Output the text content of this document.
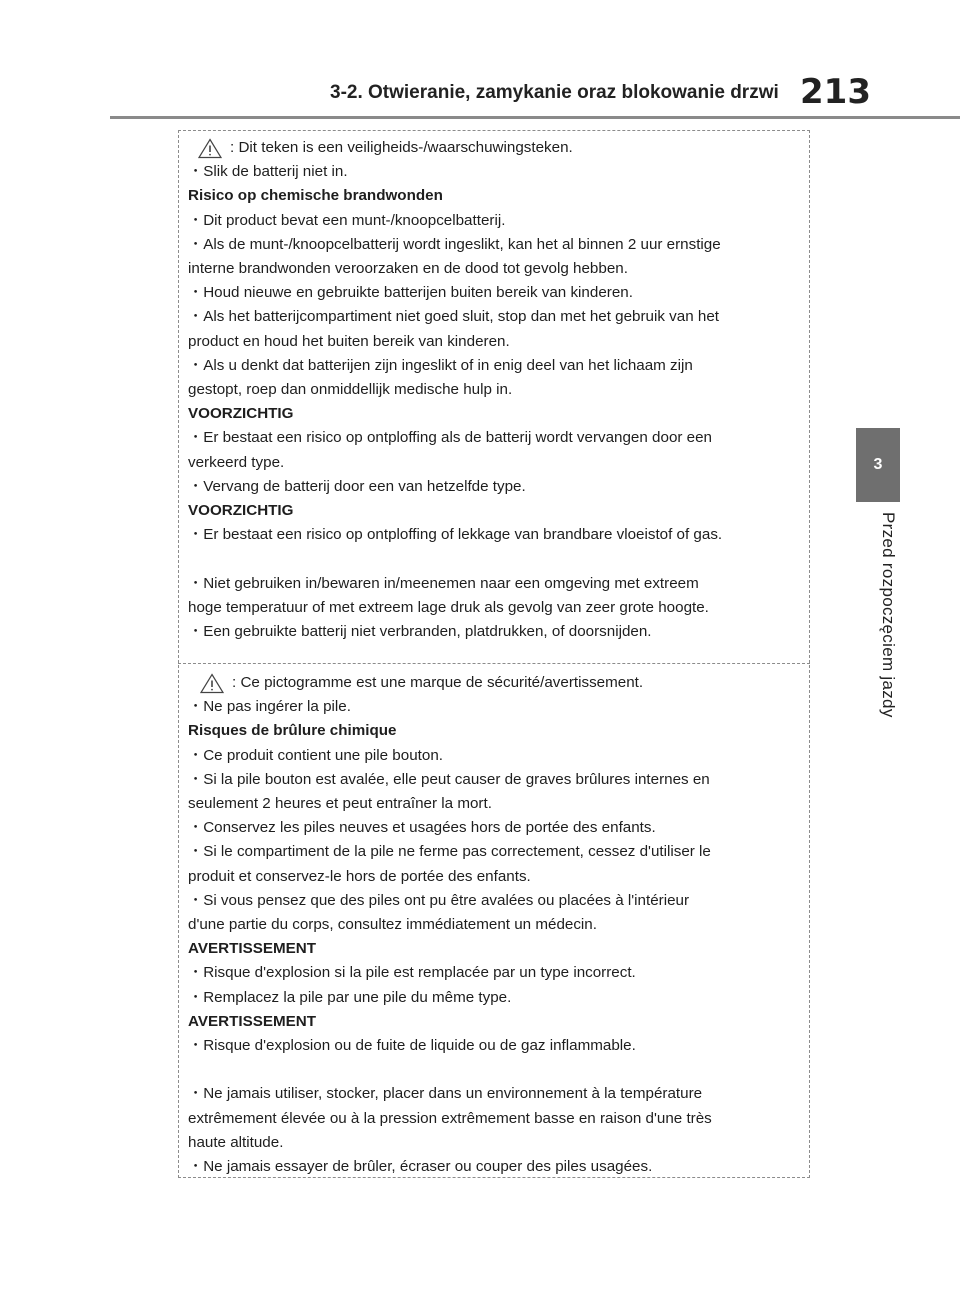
3-2. Otwieranie, zamykanie oraz blokowanie drzwi 213
3
Przed rozpoczęciem jazdy
: Dit teken is een veiligheids-/waarschuwingsteken.
・Slik de batterij niet in.
Risico op chemische brandwonden
・Dit product bevat een munt-/knoopcelbatterij.
・Als de munt-/knoopcelbatterij wordt ingeslikt, kan het al binnen 2 uur ernstige
interne brandwonden veroorzaken en de dood tot gevolg hebben.
・Houd nieuwe en gebruikte batterijen buiten bereik van kinderen.
・Als het batterijcompartiment niet goed sluit, stop dan met het gebruik van het
product en houd het buiten bereik van kinderen.
・Als u denkt dat batterijen zijn ingeslikt of in enig deel van het lichaam zijn
gestopt, roep dan onmiddellijk medische hulp in.
VOORZICHTIG
・Er bestaat een risico op ontploffing als de batterij wordt vervangen door een
verkeerd type.
・Vervang de batterij door een van hetzelfde type.
VOORZICHTIG
・Er bestaat een risico op ontploffing of lekkage van brandbare vloeistof of gas.
・Niet gebruiken in/bewaren in/meenemen naar een omgeving met extreem
hoge temperatuur of met extreem lage druk als gevolg van zeer grote hoogte.
・Een gebruikte batterij niet verbranden, platdrukken, of doorsnijden.
: Ce pictogramme est une marque de sécurité/avertissement.
・Ne pas ingérer la pile.
Risques de brûlure chimique
・Ce produit contient une pile bouton.
・Si la pile bouton est avalée, elle peut causer de graves brûlures internes en
seulement 2 heures et peut entraîner la mort.
・Conservez les piles neuves et usagées hors de portée des enfants.
・Si le compartiment de la pile ne ferme pas correctement, cessez d'utiliser le
produit et conservez-le hors de portée des enfants.
・Si vous pensez que des piles ont pu être avalées ou placées à l'intérieur
d'une partie du corps, consultez immédiatement un médecin.
AVERTISSEMENT
・Risque d'explosion si la pile est remplacée par un type incorrect.
・Remplacez la pile par une pile du même type.
AVERTISSEMENT
・Risque d'explosion ou de fuite de liquide ou de gaz inflammable.
・Ne jamais utiliser, stocker, placer dans un environnement à la température
extrêmement élevée ou à la pression extrêmement basse en raison d'une très
haute altitude.
・Ne jamais essayer de brûler, écraser ou couper des piles usagées.
